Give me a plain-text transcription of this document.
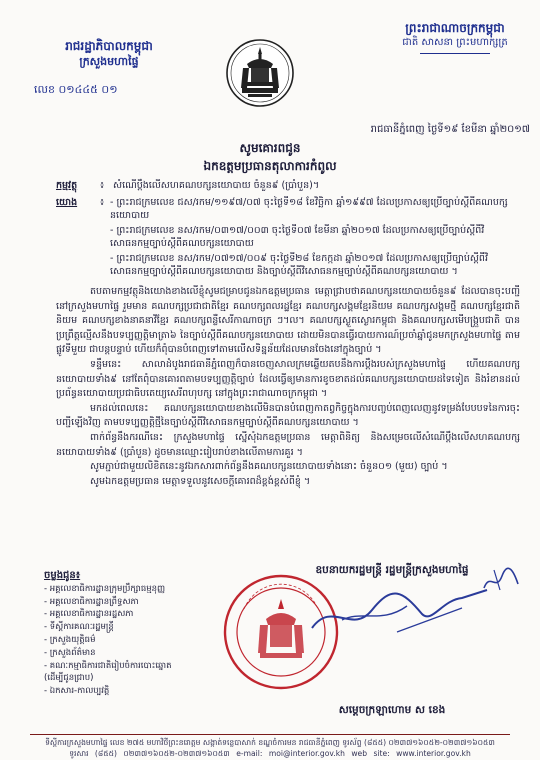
រាជរដ្ឋាភិបាលកម្ពុជា
ក្រសួងមហាផ្ទៃ
លេខ ០១៤៤៥ ០១
ព្រះរាជាណាចក្រកម្ពុជា
ជាតិ សាសនា ព្រះមហាក្សត្រ
រាជធានីភ្នំពេញ ថ្ងៃទី១៩ ខែមីនា ឆ្នាំ២០១៧
សូមគោរពជូន
ឯកឧត្តមប្រធានតុលាការកំពូល
កម្មវត្ថុ ៖ សំណើប្តឹងលើសហគណបក្សនយោបាយ ចំនួន៩ (ប្រាំបួន)។
យោង ៖ - ព្រះរាជក្រមលេខ ជស/រកម/១១៩៧/០៧ ចុះថ្ងៃទី១៨ ខែវិច្ឆិកា ឆ្នាំ១៩៩៧ ដែលប្រកាសឲ្យប្រើច្បាប់ស្តីពីគណបក្សនយោបាយ
- ព្រះរាជក្រមលេខ នស/រកម/០៣១៧/០០៣ ចុះថ្ងៃទី០៧ ខែមីនា ឆ្នាំ២០១៧ ដែលប្រកាសឲ្យប្រើច្បាប់ស្តីពីវិសោធនកម្មច្បាប់ស្តីពីគណបក្សនយោបាយ
- ព្រះរាជក្រមលេខ នស/រកម/០៧១៧/០០៩ ចុះថ្ងៃទី២៨ ខែកក្កដា ឆ្នាំ២០១៧ ដែលប្រកាសឲ្យប្រើច្បាប់ស្តីពីវិសោធនកម្មច្បាប់ស្តីពីគណបក្សនយោបាយ និងច្បាប់ស្តីពីវិសោធនកម្មច្បាប់ស្តីពីគណបក្សនយោបាយ ។

តបតាមកម្មវត្ថុនិងយោងខាងលើខ្ញុំសូមជម្រាបជូនឯកឧត្តមប្រធាន មេត្តាជ្រាបថាគណបក្សនយោបាយចំនួន៩ ដែលបានចុះបញ្ជីនៅក្រសួងមហាផ្ទៃ រួមមាន គណបក្សប្រជាជាតិខ្មែរ គណបក្សពលរដ្ឋខ្មែរ គណបក្សសង្គមខ្មែរនិយម គណបក្សសង្គមថ្មី គណបក្សខ្មែរជាតិនិយម គណបក្សខាងនាគនាវីខ្មែរ គណបក្សពន្លឺសេរីកាណាចក្រ ៗ។ល។ គណបក្សស្ងួតស្ងោរកម្ពុជា និងគណបក្សសមើបង្ក្រួបជាតិ បានប្រព្រឹត្តល្មើសនឹងបទប្បញ្ញត្តិមាត្រា៦ នៃច្បាប់ស្តីពីគណបក្សនយោបាយ ដោយមិនបានធ្វើរបាយការណ៍ប្រចាំឆ្នាំជូនមកក្រសួងមហាផ្ទៃ តាមផ្លូវទីមួយ ជាបន្តបន្ទាប់ ហើយក៏ពុំបានបំពេញទៅតាមលើសទិន្នន័យដែលមានចែងនៅក្នុងច្បាប់ ។

ទន្ទឹមនេះ សាលាដំបូងរាជធានីភ្នំពេញក៏បានចេញសាលក្រមឆ្លើយតបនឹងការប្តឹងរបស់ក្រសួងមហាផ្ទៃ ហើយគណបក្សនយោបាយទាំង៩ នៅតែពុំបានគោរពតាមបទប្បញ្ញត្តិច្បាប់ ដែលធ្វើឲ្យមានការខូចខាតដល់គណបក្សនយោបាយដទៃទៀត និងរំខានដល់ប្រព័ន្ធនយោបាយប្រជាធិបតេយ្យសេរីពហុបក្ស នៅក្នុងព្រះរាជាណាចក្រកម្ពុជា ។

មកដល់ពេលនេះ គណបក្សនយោបាយខាងលើមិនបានបំពេញកាតព្វកិច្ចក្នុងការបញ្ចប់ពេញលេញនូវទម្រង់បែបបទនៃការចុះបញ្ជីឡើងវិញ តាមបទប្បញ្ញត្តិថ្មីនៃច្បាប់ស្តីពីវិសោធនកម្មច្បាប់ស្តីពីគណបក្សនយោបាយ ។

ពាក់ព័ន្ធនឹងករណីនេះ ក្រសួងមហាផ្ទៃ ស្នើសុំឯកឧត្តមប្រធាន មេត្តាពិនិត្យ និងសម្រេចលើសំណើប្តឹងលើសហគណបក្សនយោបាយទាំង៩ (ប្រាំបួន) ដូចមានឈ្មោះរៀបរាប់ខាងលើតាមការគួរ ។

សូមភ្ជាប់ជាមួយលិខិតនេះនូវឯកសារពាក់ព័ន្ធនឹងគណបក្សនយោបាយទាំងនោះ ចំនួន០១ (មួយ) ច្បាប់ ។

សូមឯកឧត្តមប្រធាន មេត្តាទទួលនូវសេចក្តីគោរពដ៏ខ្ពង់ខ្ពស់ពីខ្ញុំ ។

ចម្លងជូន៖
- អគ្គលេខាធិការដ្ឋានក្រុមប្រឹក្សាធម្មនុញ្ញ
- អគ្គលេខាធិការដ្ឋានព្រឹទ្ធសភា
- អគ្គលេខាធិការដ្ឋានរដ្ឋសភា
- ទីស្តីការគណៈរដ្ឋមន្ត្រី
- ក្រសួងយុត្តិធម៌
- ក្រសួងព័ត៌មាន
- គណៈកម្មាធិការជាតិរៀបចំការបោះឆ្នោត
(ដើម្បីជូនជ្រាប)
- ឯកសារ-កាលប្បវត្តិ
ឧបនាយករដ្ឋមន្ត្រី រដ្ឋមន្ត្រីក្រសួងមហាផ្ទៃ
សម្តេចក្រឡាហោម ស ខេង
ទីស្តីការក្រសួងមហាផ្ទៃ លេខ ២៧៥ មហាវិថីព្រះនរោត្តម សង្កាត់ទន្លេបាសាក់ ខណ្ឌចំការមន រាជធានីភ្នំពេញ ទូរស័ព្ទ (៨៥៥) ០២៣៧១៦០៥២-០២៣៧១៦០៥៣
ទូរសារ (៨៥៥) ០២៣៧១៦០៥២-០២៣៧១៦០៥៣ e-mail: moi@interior.gov.kh web site: www.interior.gov.kh
